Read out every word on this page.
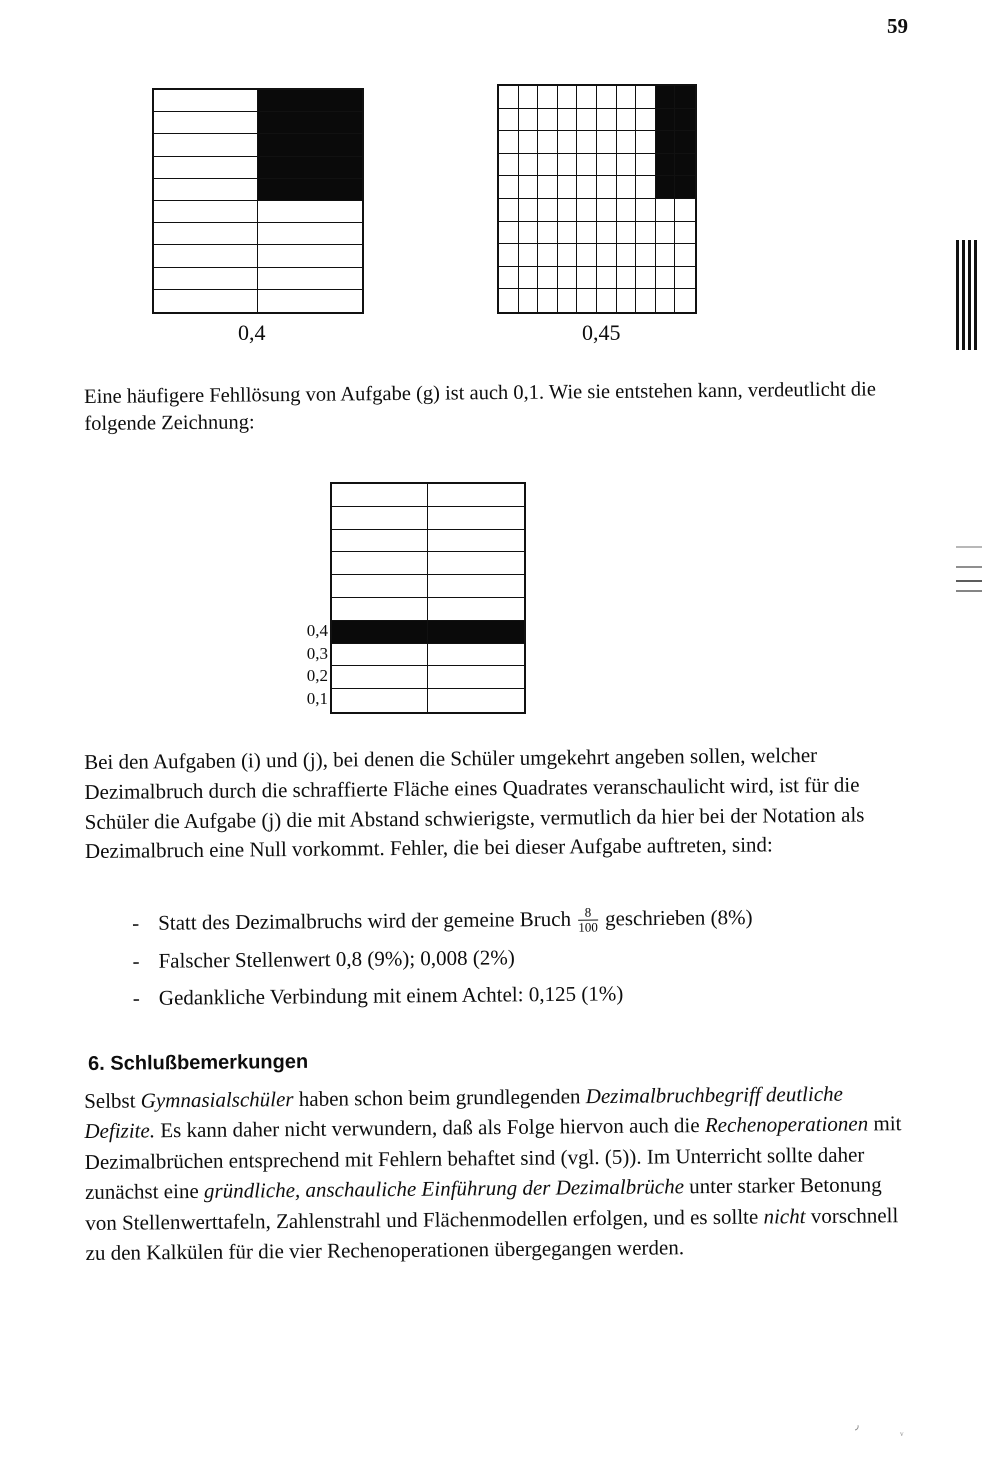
59
٫	ᵥ
0,4	0,45
Eine häufigere Fehllösung von Aufgabe (g) ist auch 0,1. Wie sie entstehen kann, verdeutlicht die folgende Zeichnung:
0,4
0,3
0,2
0,1
Bei den Aufgaben (i) und (j), bei denen die Schüler umgekehrt angeben sollen, welcher Dezimalbruch durch die schraffierte Fläche eines Quadrates veranschaulicht wird, ist für die Schüler die Aufgabe (j) die mit Abstand schwierigste, vermutlich da hier bei der Notation als Dezimalbruch eine Null vorkommt. Fehler, die bei dieser Aufgabe auftreten, sind:
- Statt des Dezimalbruchs wird der gemeine Bruch $\frac{8}{100}$ geschrieben (8%)
- Falscher Stellenwert 0,8 (9%); 0,008 (2%)
- Gedankliche Verbindung mit einem Achtel: 0,125 (1%)
6. Schlußbemerkungen
Selbst Gymnasialschüler haben schon beim grundlegenden Dezimalbruchbegriff deutliche Defizite. Es kann daher nicht verwundern, daß als Folge hiervon auch die Rechenoperationen mit Dezimalbrüchen entsprechend mit Fehlern behaftet sind (vgl. (5)). Im Unterricht sollte daher zunächst eine gründliche, anschauliche Einführung der Dezimalbrüche unter starker Betonung von Stellenwerttafeln, Zahlenstrahl und Flächenmodellen erfolgen, und es sollte nicht vorschnell zu den Kalkülen für die vier Rechenoperationen übergegangen werden.
